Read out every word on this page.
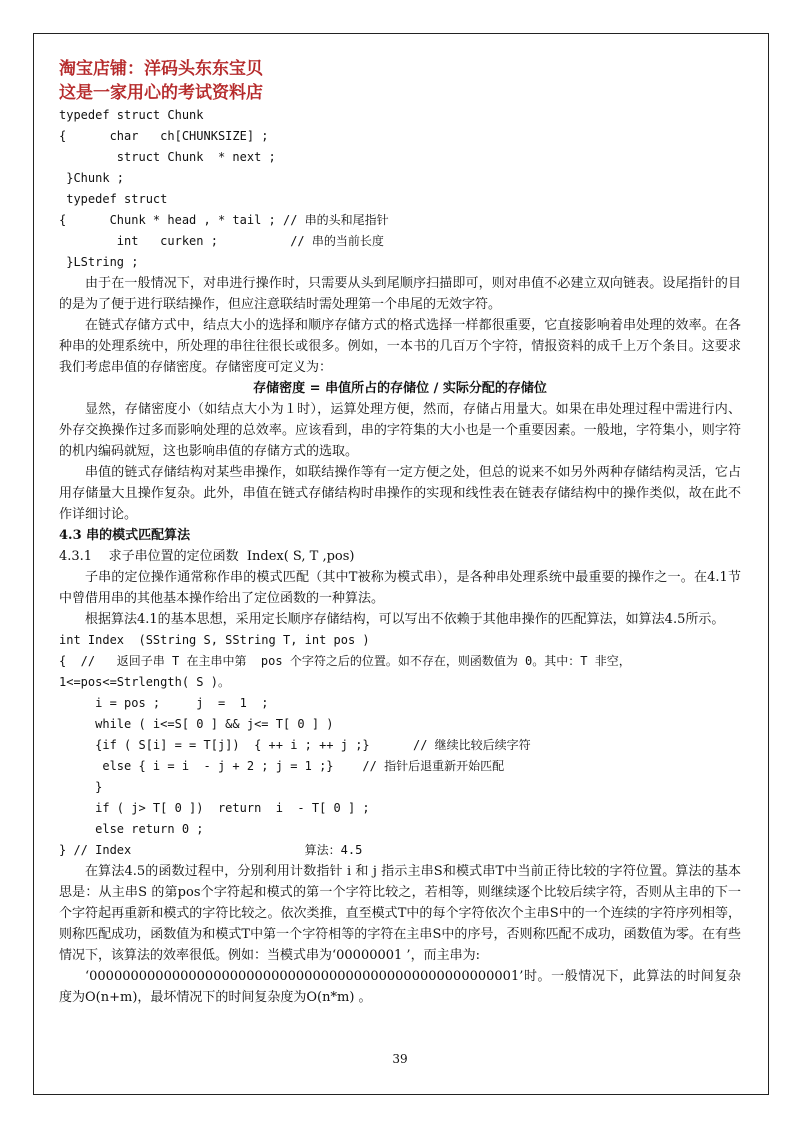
淘宝店铺：洋码头东东宝贝
这是一家用心的考试资料店
typedef struct Chunk
{      char   ch[CHUNKSIZE] ;
struct Chunk  * next ;
}Chunk ;
typedef struct
{      Chunk * head , * tail ; // 串的头和尾指针
int   curken ;          // 串的当前长度
}LString ;
由于在一般情况下，对串进行操作时，只需要从头到尾顺序扫描即可，则对串值不必建立双向链表。设尾指针的目的是为了便于进行联结操作，但应注意联结时需处理第一个串尾的无效字符。
在链式存储方式中，结点大小的选择和顺序存储方式的格式选择一样都很重要，它直接影响着串处理的效率。在各种串的处理系统中，所处理的串往往很长或很多。例如，一本书的几百万个字符，情报资料的成千上万个条目。这要求我们考虑串值的存储密度。存储密度可定义为：
存储密度 = 串值所占的存储位 / 实际分配的存储位
显然，存储密度小（如结点大小为１时），运算处理方便，然而，存储占用量大。如果在串处理过程中需进行内、外存交换操作过多而影响处理的总效率。应该看到，串的字符集的大小也是一个重要因素。一般地，字符集小，则字符的机内编码就短，这也影响串值的存储方式的选取。
串值的链式存储结构对某些串操作，如联结操作等有一定方便之处，但总的说来不如另外两种存储结构灵活，它占用存储量大且操作复杂。此外，串值在链式存储结构时串操作的实现和线性表在链表存储结构中的操作类似，故在此不作详细讨论。
4.3 串的模式匹配算法
4.3.1    求子串位置的定位函数  Index( S, T ,pos)
子串的定位操作通常称作串的模式匹配（其中T被称为模式串），是各种串处理系统中最重要的操作之一。在4.1节中曾借用串的其他基本操作给出了定位函数的一种算法。
根据算法4.1的基本思想，采用定长顺序存储结构，可以写出不依赖于其他串操作的匹配算法，如算法4.5所示。
int Index  (SString S, SString T, int pos )
{  //   返回子串 T 在主串中第  pos 个字符之后的位置。如不存在，则函数值为 0。其中：T 非空，
1<=pos<=Strlength( S )。
i = pos ;     j  =  1  ;
while ( i<=S[ 0 ] && j<= T[ 0 ] )
{if ( S[i] = = T[j])  { ++ i ; ++ j ;}      // 继续比较后续字符
else { i = i  - j + 2 ; j = 1 ;}    // 指针后退重新开始匹配
}
if ( j> T[ 0 ])  return  i  - T[ 0 ] ;
else return 0 ;
} // Index                        算法：4.5
在算法4.5的函数过程中，分别利用计数指针 i 和 j 指示主串S和模式串T中当前正待比较的字符位置。算法的基本思是：从主串S 的第pos个字符起和模式的第一个字符比较之，若相等，则继续逐个比较后续字符，否则从主串的下一个字符起再重新和模式的字符比较之。依次类推，直至模式T中的每个字符依次个主串S中的一个连续的字符序列相等，则称匹配成功，函数值为和模式T中第一个字符相等的字符在主串S中的序号，否则称匹配不成功，函数值为零。在有些情况下，该算法的效率很低。例如：当模式串为‘00000001 ’，而主串为:
‘0000000000000000000000000000000000000000000000000001’时。一般情况下，此算法的时间复杂度为O(n+m)，最坏情况下的时间复杂度为O(n*m) 。
39
